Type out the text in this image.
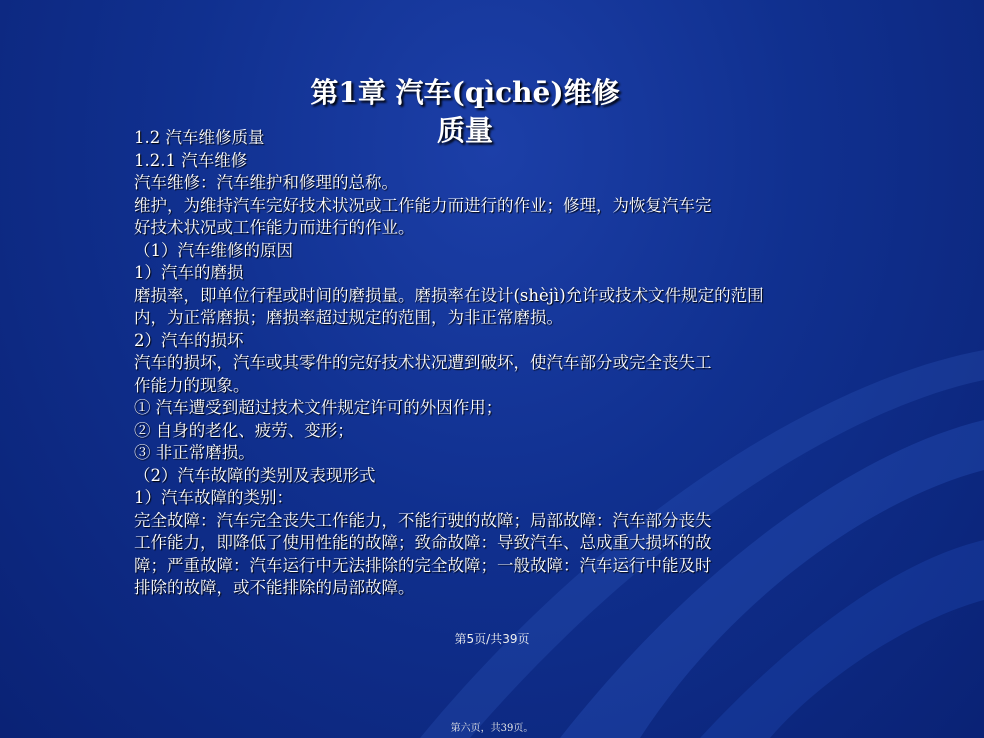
第1章 汽车(qìchē)维修
质量
1.2 汽车维修质量
1.2.1 汽车维修
汽车维修：汽车维护和修理的总称。
维护，为维持汽车完好技术状况或工作能力而进行的作业；修理，为恢复汽车完
好技术状况或工作能力而进行的作业。
（1）汽车维修的原因
1）汽车的磨损
磨损率，即单位行程或时间的磨损量。磨损率在设计(shèjì)允许或技术文件规定的范围
内，为正常磨损；磨损率超过规定的范围，为非正常磨损。
2）汽车的损坏
汽车的损坏，汽车或其零件的完好技术状况遭到破坏，使汽车部分或完全丧失工
作能力的现象。
① 汽车遭受到超过技术文件规定许可的外因作用；
② 自身的老化、疲劳、变形；
③ 非正常磨损。
（2）汽车故障的类别及表现形式
1）汽车故障的类别：
完全故障：汽车完全丧失工作能力，不能行驶的故障；局部故障：汽车部分丧失
工作能力，即降低了使用性能的故障；致命故障：导致汽车、总成重大损坏的故
障；严重故障：汽车运行中无法排除的完全故障；一般故障：汽车运行中能及时
排除的故障，或不能排除的局部故障。
第5页/共39页
第六页，共39页。
